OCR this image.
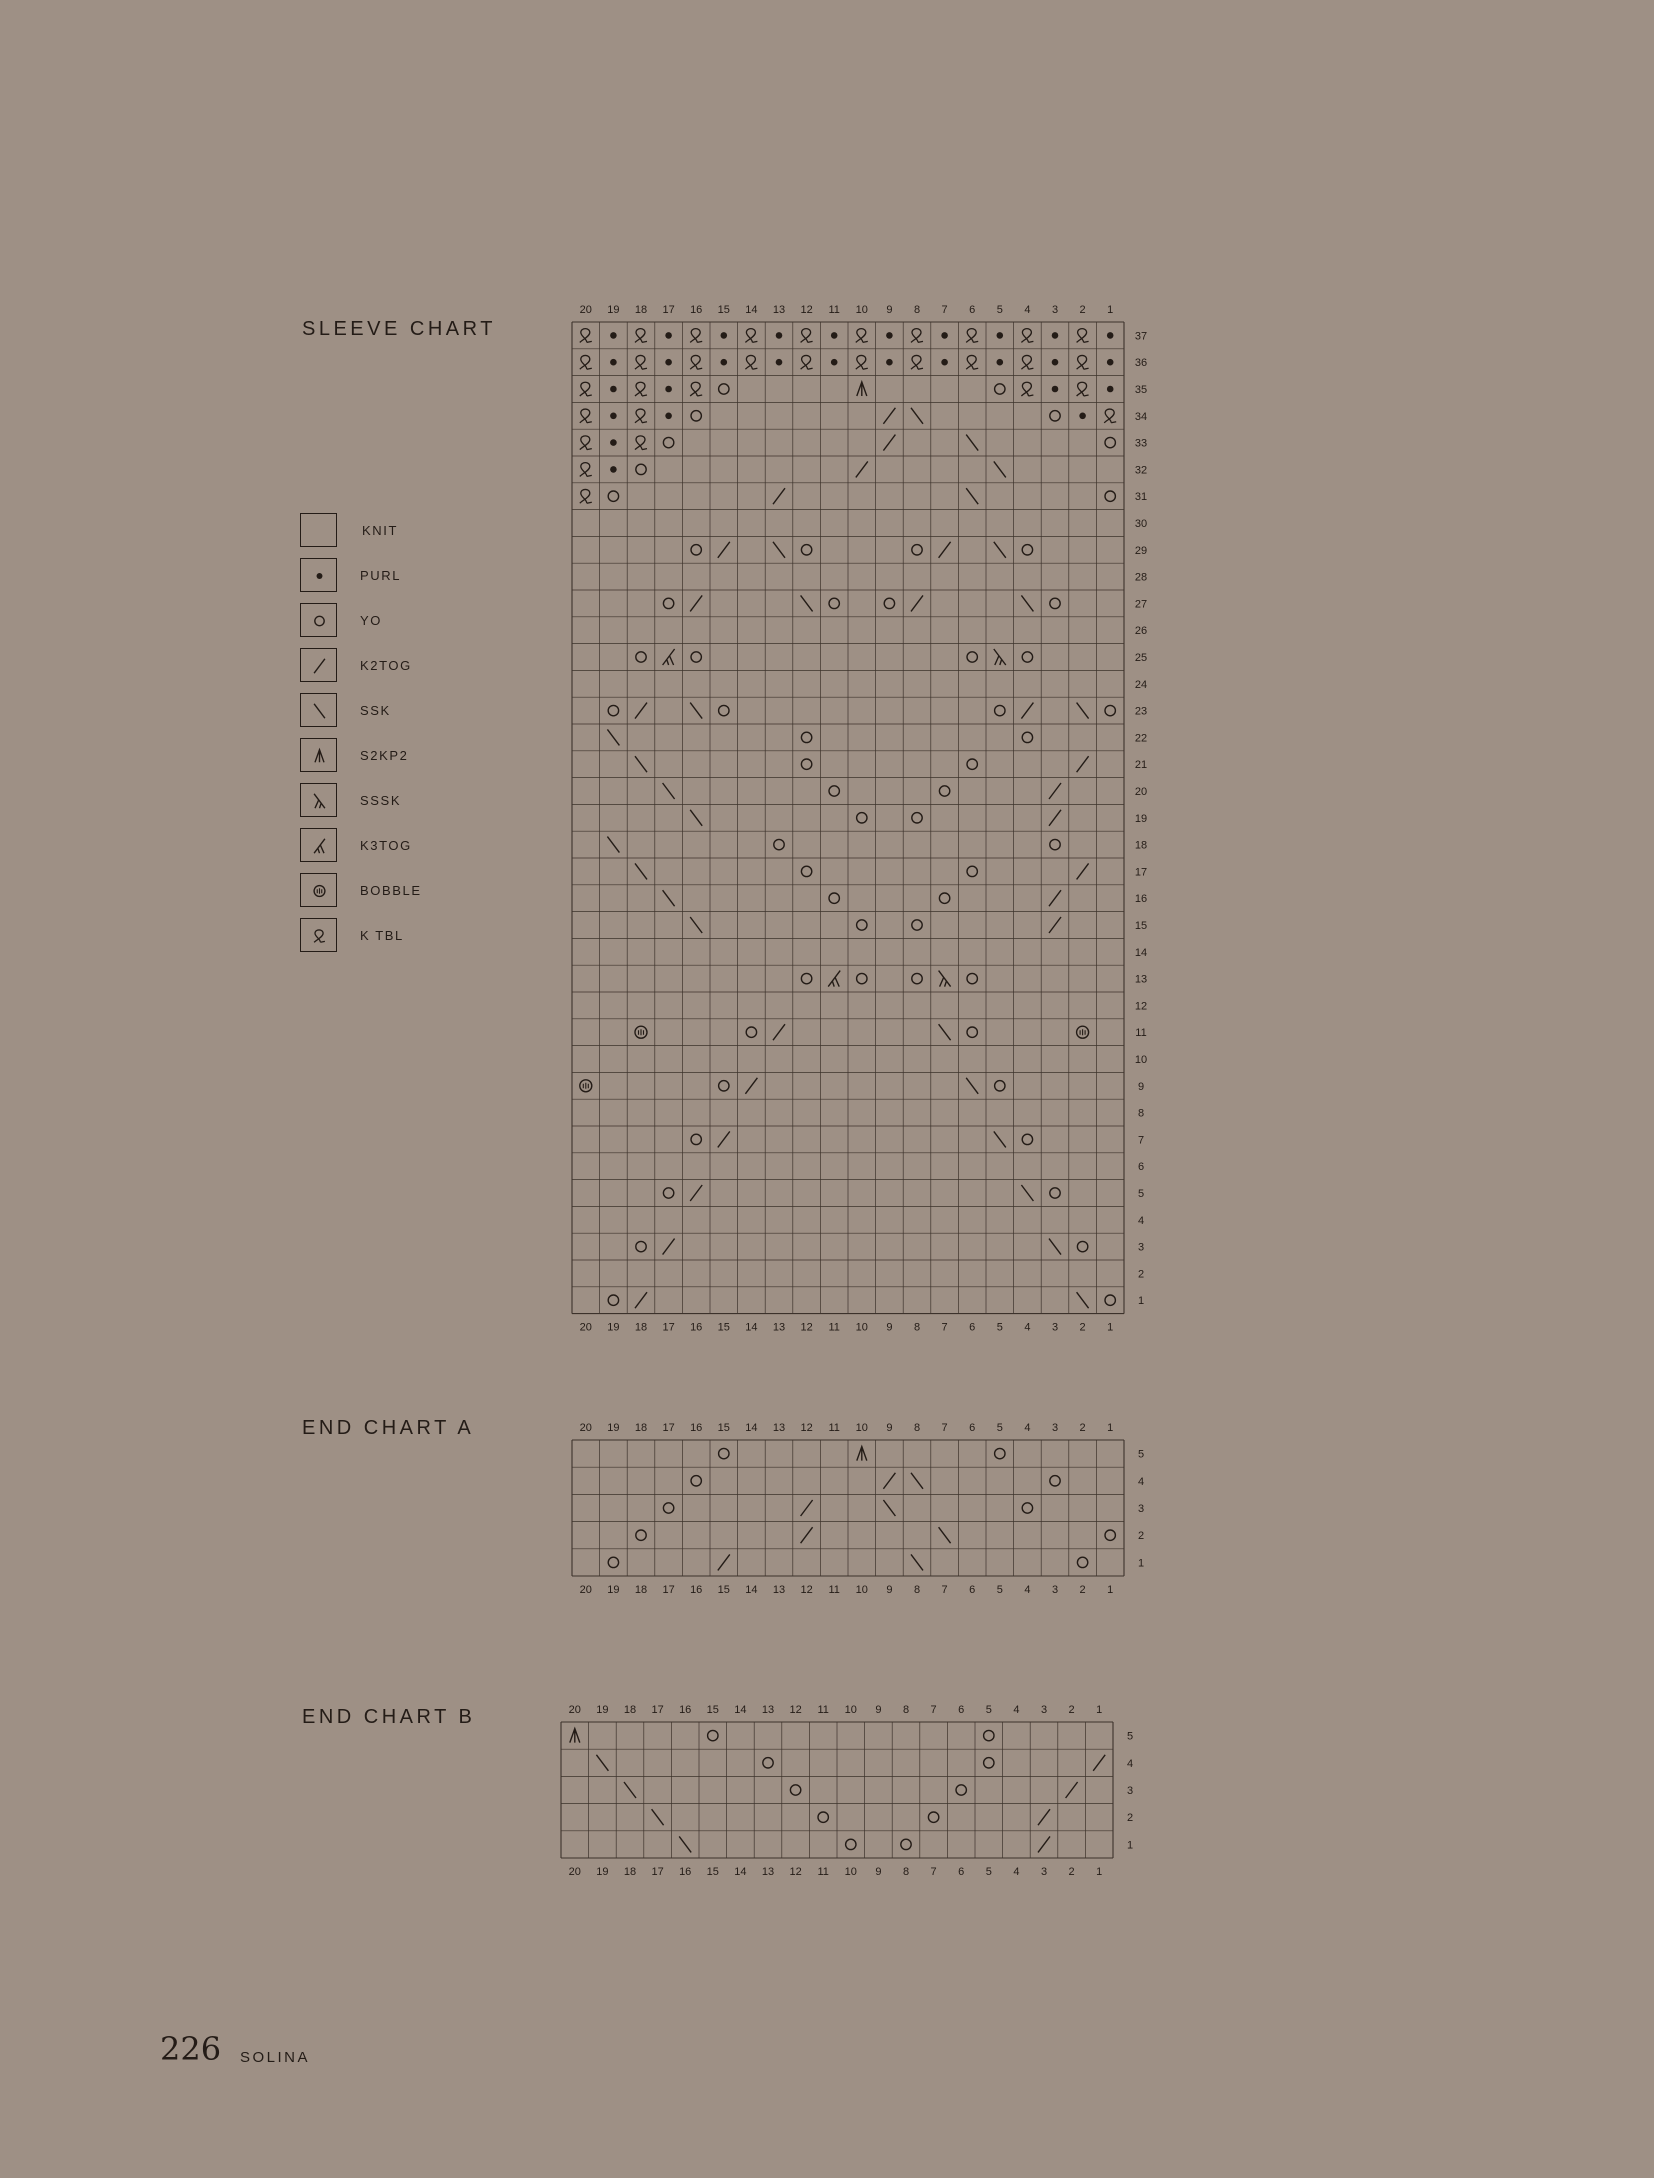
SLEEVE CHART
END CHART A
END CHART B
KNIT
PURL
YO
K2TOG
SSK
S2KP2
SSSK
K3TOG
BOBBLE
K TBL
20
20
19
19
18
18
17
17
16
16
15
15
14
14
13
13
12
12
11
11
10
10
9
9
8
8
7
7
6
6
5
5
4
4
3
3
2
2
1
1
37
36
35
34
33
32
31
30
29
28
27
26
25
24
23
22
21
20
19
18
17
16
15
14
13
12
11
10
9
8
7
6
5
4
3
2
1
20
20
19
19
18
18
17
17
16
16
15
15
14
14
13
13
12
12
11
11
10
10
9
9
8
8
7
7
6
6
5
5
4
4
3
3
2
2
1
1
5
4
3
2
1
20
20
19
19
18
18
17
17
16
16
15
15
14
14
13
13
12
12
11
11
10
10
9
9
8
8
7
7
6
6
5
5
4
4
3
3
2
2
1
1
5
4
3
2
1
226 SOLINA
